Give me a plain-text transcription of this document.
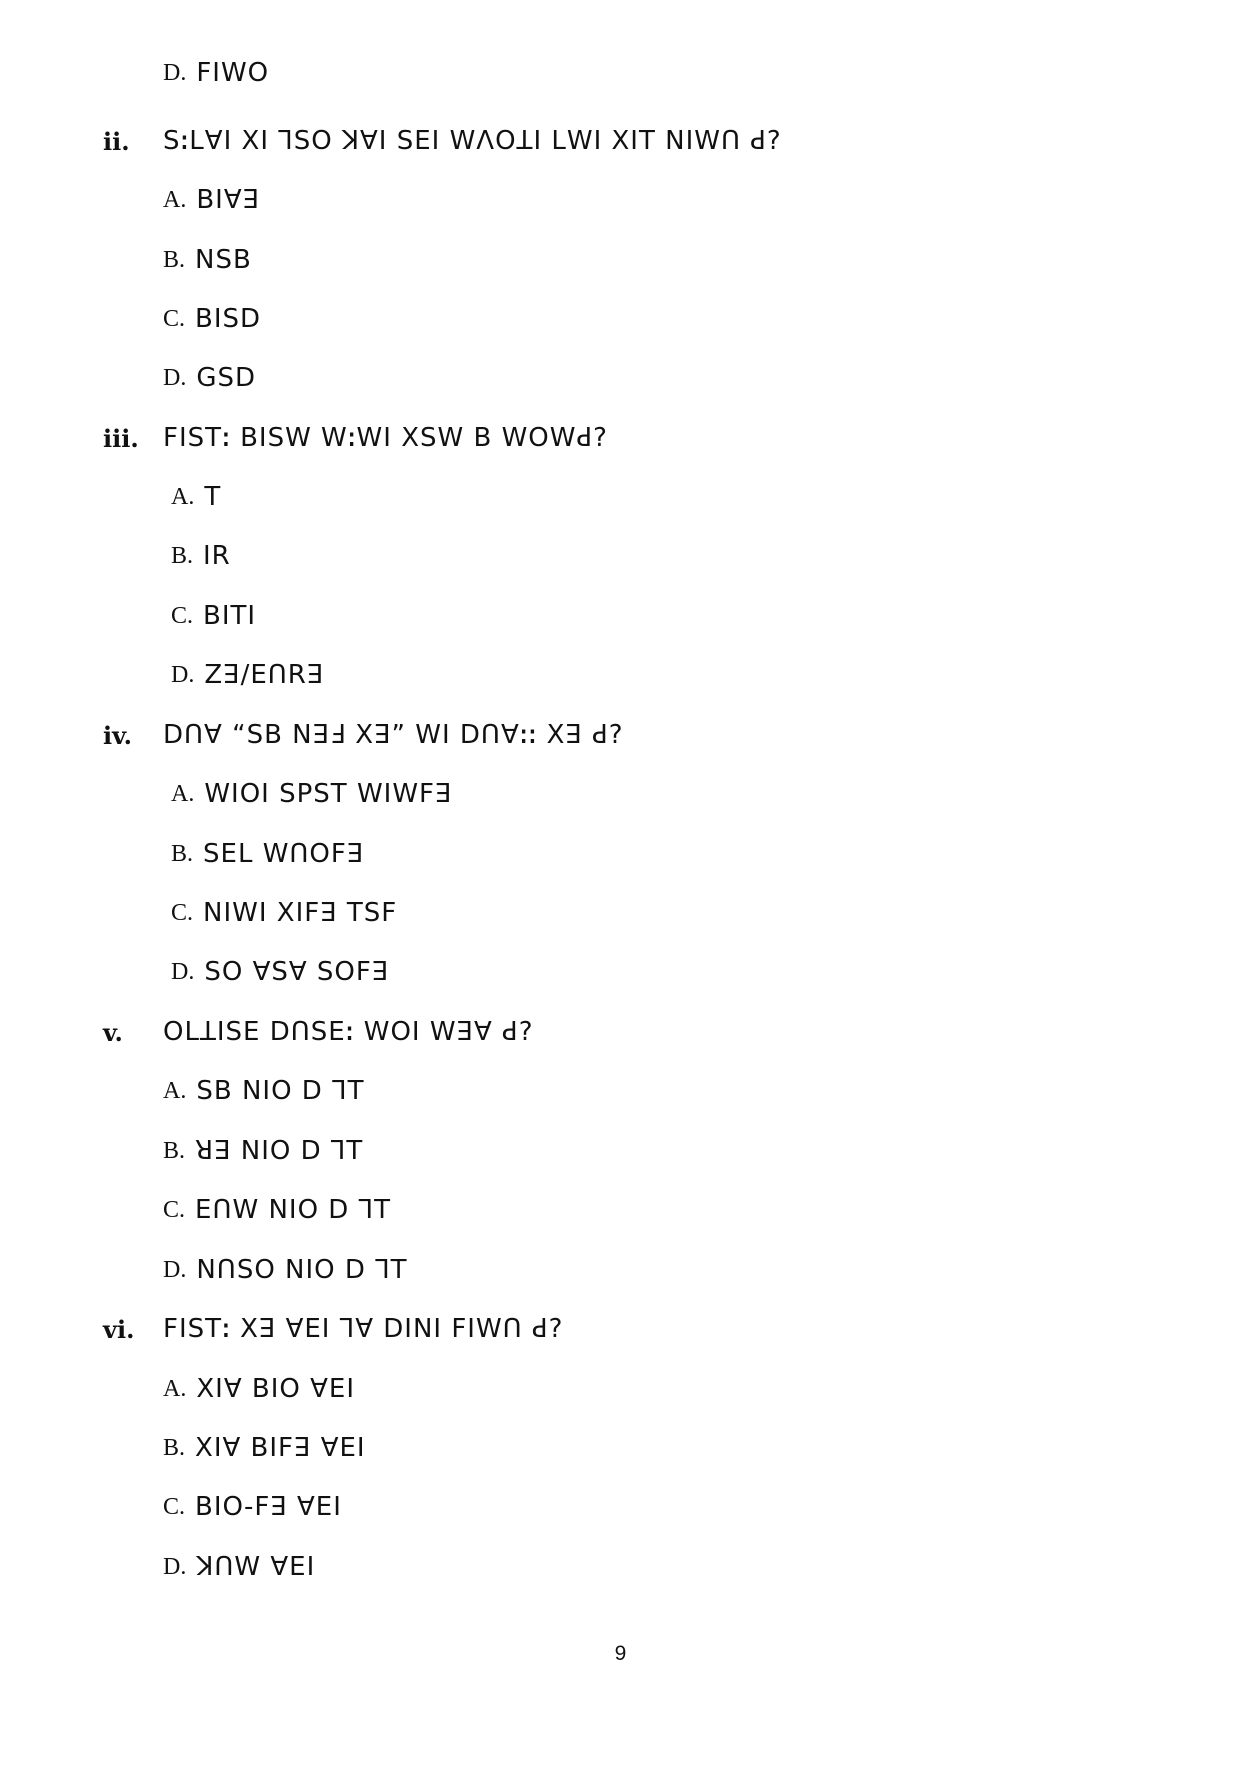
D. ꓝꓲꓪꓳ
ii. ꓢꓽꓡꓯꓲ ꓫꓲ ꓶꓢꓳ ꓘꓯꓲ ꓢꓰꓲ ꓪꓥꓳꓕꓲ ꓡꓪꓲ ꓫꓲꓔ ꓠꓲꓪꓵ ꓒ?
A. ꓐꓲꓯꓱ
B. ꓠꓢꓐ
C. ꓐꓲꓢꓓ
D. ꓖꓢꓓ
iii. ꓝꓲꓢꓔꓽ ꓐꓲꓢꓪ ꓪꓽꓪꓲ ꓫꓢꓪ ꓐ ꓪꓳꓪꓒ?
A. ꓔ
B. ꓲꓣ
C. ꓐꓲꓔꓲ
D. ꓜꓱ/ꓰꓵꓣꓱ
iv. ꓓꓵꓯ “ꓢꓐ ꓠꓱꓞ ꓫꓱ” ꓪꓲ ꓓꓵꓯꓽꓽ ꓫꓱ ꓒ?
A. ꓪꓲꓳꓲ ꓢꓑꓢꓔ ꓪꓲꓪꓝꓱ
B. ꓢꓰꓡ ꓪꓵꓳꓝꓱ
C. ꓠꓲꓪꓲ ꓫꓲꓝꓱ ꓔꓢꓝ
D. ꓢꓳ ꓯꓢꓯ ꓢꓳꓝꓱ
v. ꓳꓡꓕꓲꓢꓰ ꓓꓵꓢꓰꓽ ꓪꓳꓲ ꓪꓱꓯ ꓒ?
A. ꓢꓐ ꓠꓲꓳ ꓓ ꓶꓔ
B. ꓤꓱ ꓠꓲꓳ ꓓ ꓶꓔ
C. ꓰꓵꓪ ꓠꓲꓳ ꓓ ꓶꓔ
D. ꓠꓵꓢꓳ ꓠꓲꓳ ꓓ ꓶꓔ
vi. ꓝꓲꓢꓔꓽ ꓫꓱ ꓯꓰꓲ ꓶꓯ ꓓꓲꓠꓲ ꓝꓲꓪꓵ ꓒ?
A. ꓫꓲꓯ ꓐꓲꓳ ꓯꓰꓲ
B. ꓫꓲꓯ ꓐꓲꓝꓱ ꓯꓰꓲ
C. ꓐꓲꓳ-ꓝꓱ ꓯꓰꓲ
D. ꓘꓵꓪ ꓯꓰꓲ
9
